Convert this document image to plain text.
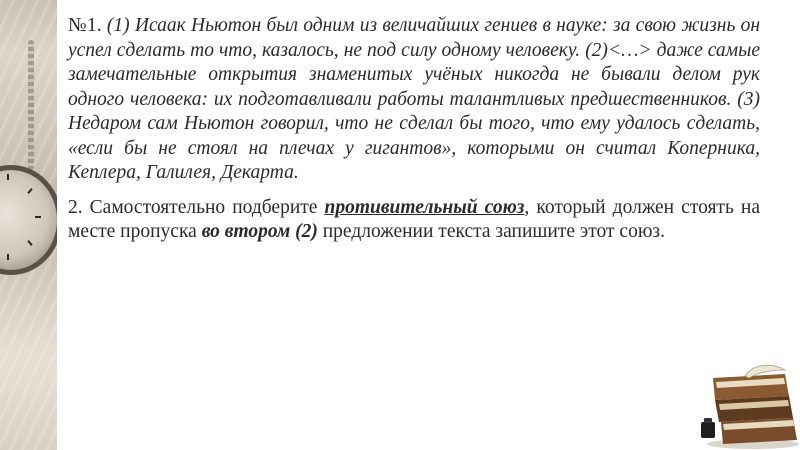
№1. (1) Исаак Ньютон был одним из величайших гениев в науке: за свою жизнь он успел сделать то что, казалось, не под силу одному человеку. (2)<…> даже самые замечательные открытия знаменитых учёных никогда не бывали делом рук одного человека: их подготавливали работы талантливых предшественников. (3) Недаром сам Ньютон говорил, что не сделал бы того, что ему удалось сделать, «если бы не стоял на плечах у гигантов», которыми он считал Коперника, Кеплера, Галилея, Декарта.

2. Самостоятельно подберите противительный союз, который должен стоять на месте пропуска во втором (2) предложении текста запишите этот союз.
